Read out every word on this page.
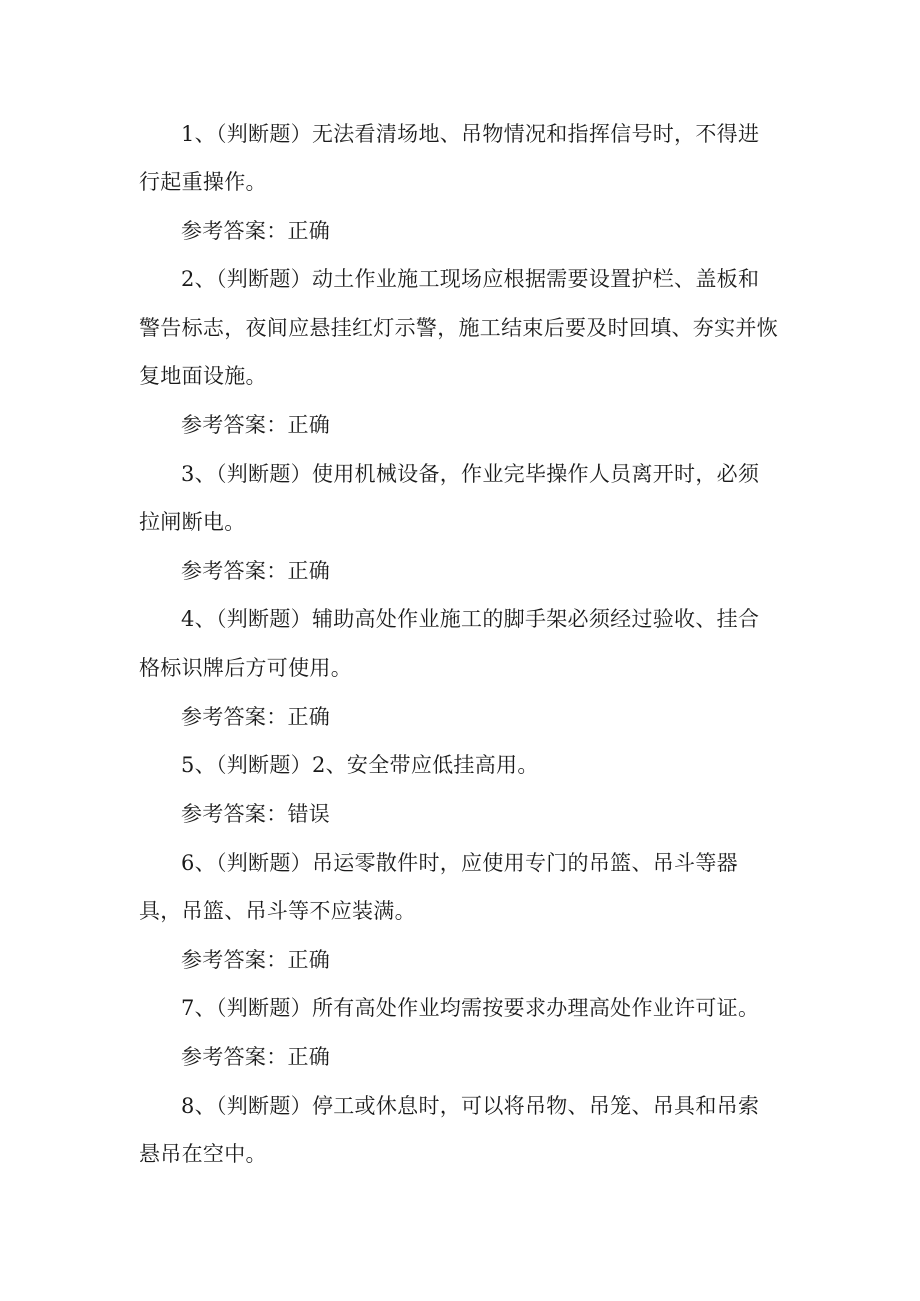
1、（判断题）无法看清场地、吊物情况和指挥信号时，不得进
行起重操作。
参考答案：正确
2、（判断题）动土作业施工现场应根据需要设置护栏、盖板和
警告标志，夜间应悬挂红灯示警，施工结束后要及时回填、夯实并恢
复地面设施。
参考答案：正确
3、（判断题）使用机械设备，作业完毕操作人员离开时，必须
拉闸断电。
参考答案：正确
4、（判断题）辅助高处作业施工的脚手架必须经过验收、挂合
格标识牌后方可使用。
参考答案：正确
5、（判断题）2、安全带应低挂高用。
参考答案：错误
6、（判断题）吊运零散件时，应使用专门的吊篮、吊斗等器
具，吊篮、吊斗等不应装满。
参考答案：正确
7、（判断题）所有高处作业均需按要求办理高处作业许可证。
参考答案：正确
8、（判断题）停工或休息时，可以将吊物、吊笼、吊具和吊索
悬吊在空中。
